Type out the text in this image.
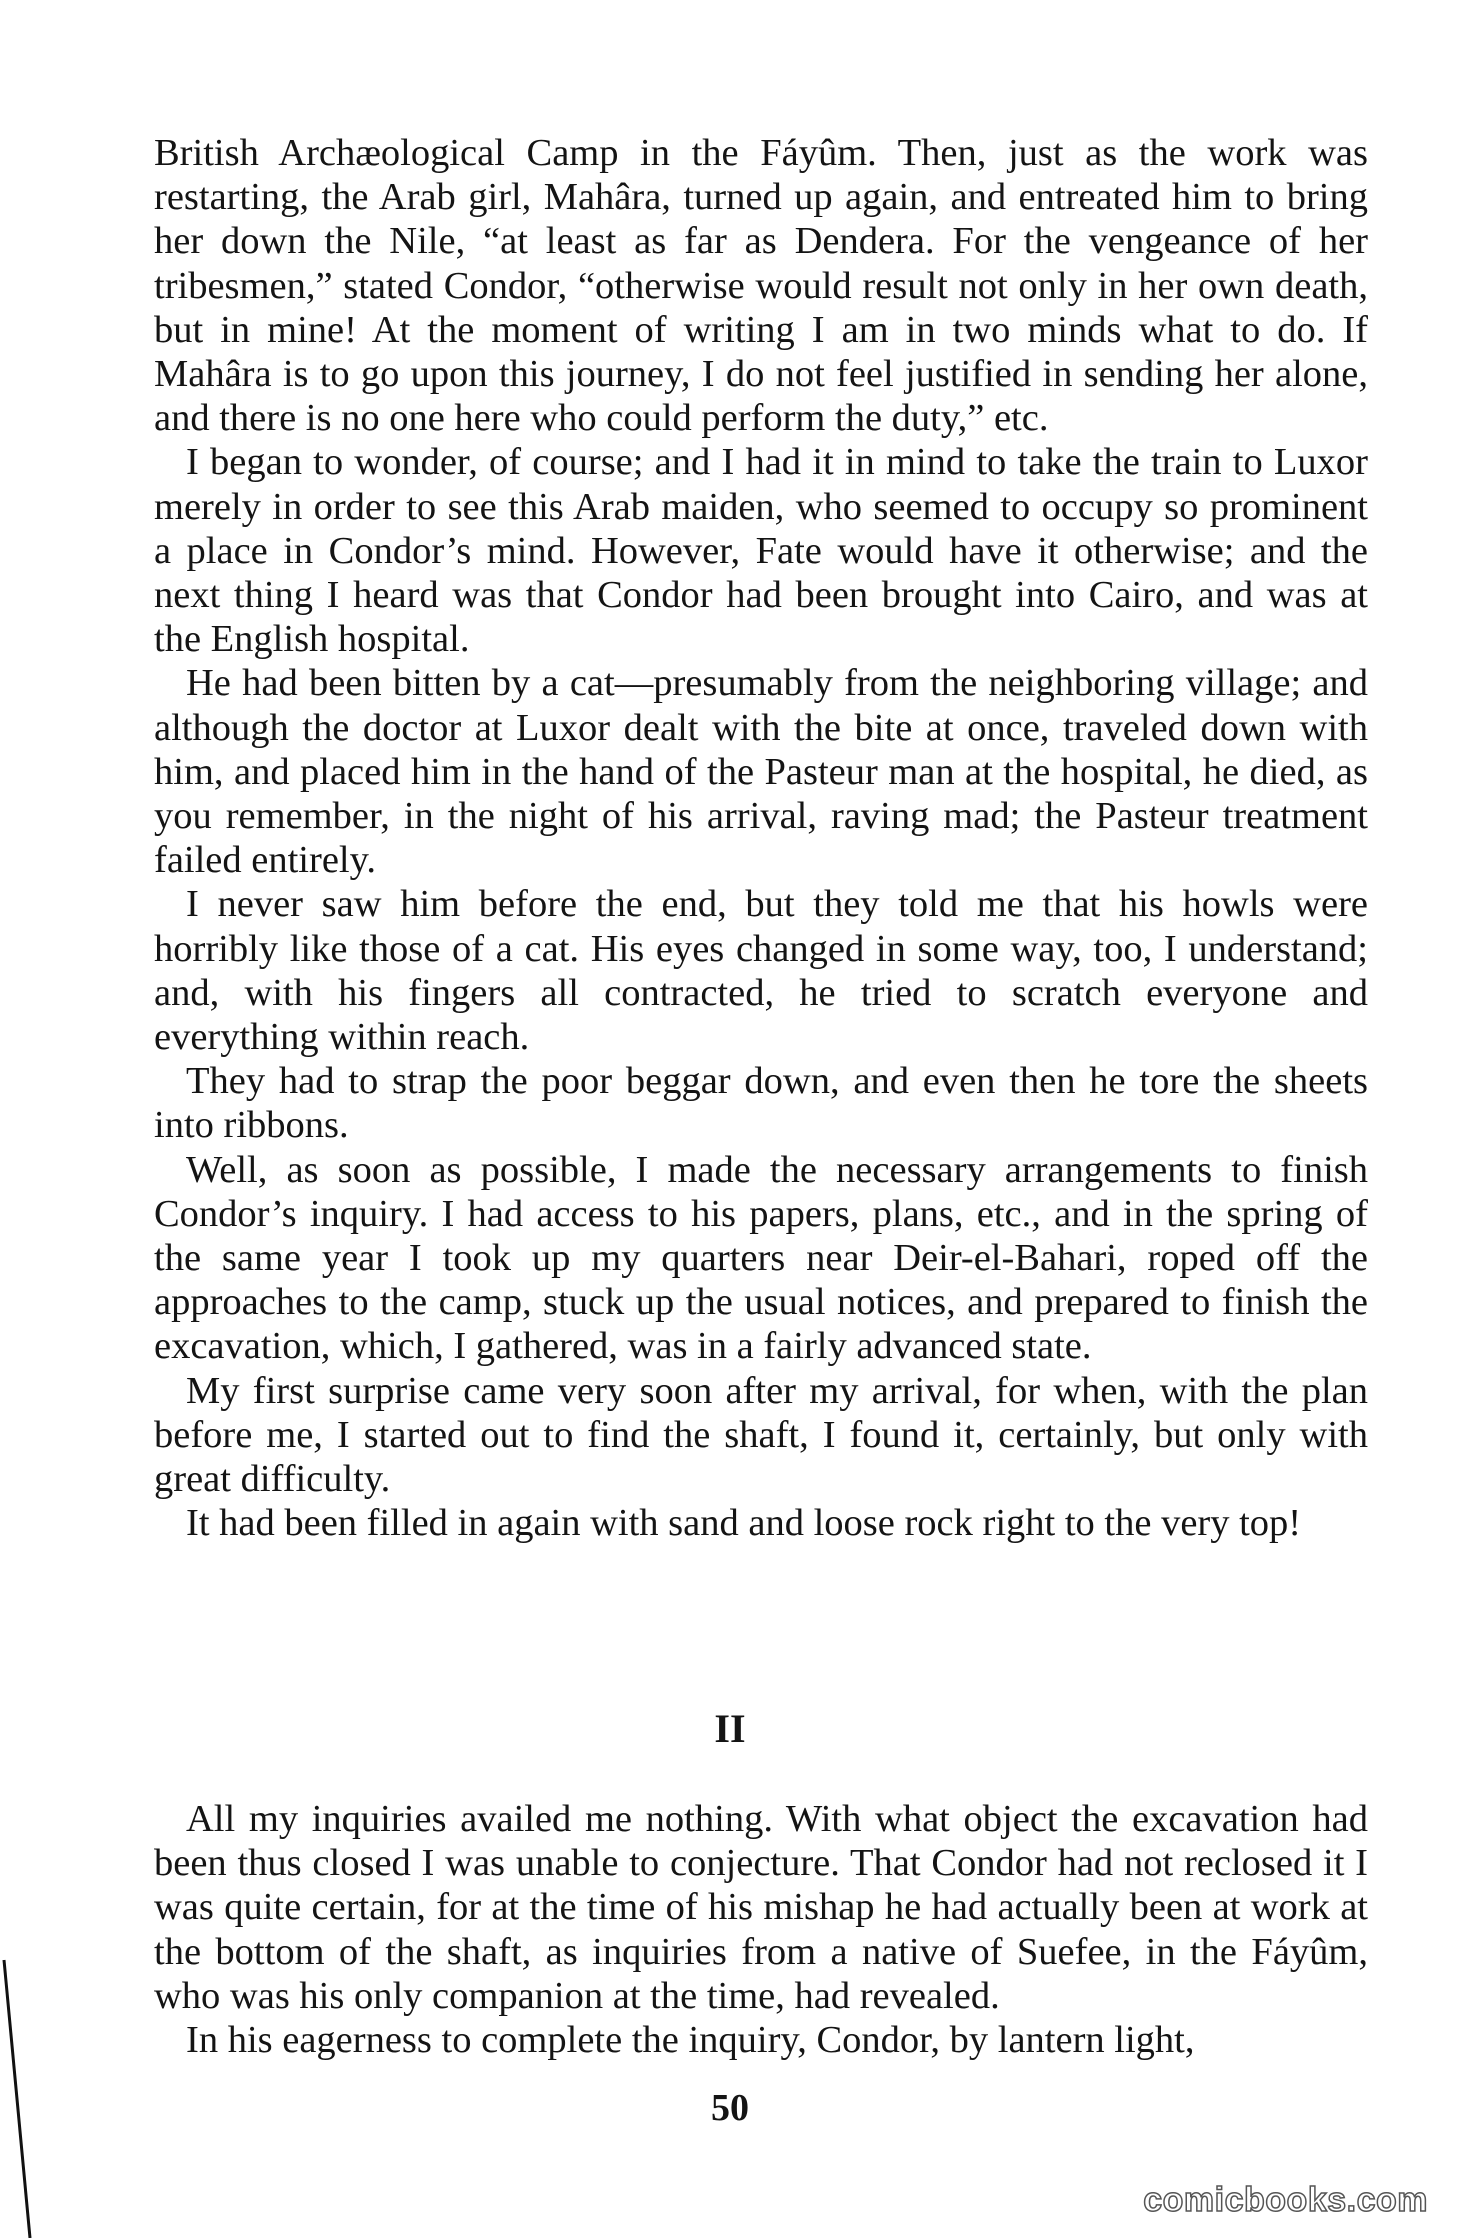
British Archæological Camp in the Fáyûm. Then, just as the work was restarting, the Arab girl, Mahâra, turned up again, and entreated him to bring her down the Nile, “at least as far as Dendera. For the vengeance of her tribesmen,” stated Condor, “otherwise would result not only in her own death, but in mine! At the moment of writing I am in two minds what to do. If Mahâra is to go upon this journey, I do not feel justified in sending her alone, and there is no one here who could perform the duty,” etc.

I began to wonder, of course; and I had it in mind to take the train to Luxor merely in order to see this Arab maiden, who seemed to occupy so prominent a place in Condor’s mind. However, Fate would have it otherwise; and the next thing I heard was that Condor had been brought into Cairo, and was at the English hospital.

He had been bitten by a cat—presumably from the neighboring village; and although the doctor at Luxor dealt with the bite at once, traveled down with him, and placed him in the hand of the Pasteur man at the hospital, he died, as you remember, in the night of his arrival, raving mad; the Pasteur treatment failed entirely.

I never saw him before the end, but they told me that his howls were horribly like those of a cat. His eyes changed in some way, too, I understand; and, with his fingers all contracted, he tried to scratch everyone and everything within reach.

They had to strap the poor beggar down, and even then he tore the sheets into ribbons.

Well, as soon as possible, I made the necessary arrangements to finish Condor’s inquiry. I had access to his papers, plans, etc., and in the spring of the same year I took up my quarters near Deir-el-Bahari, roped off the approaches to the camp, stuck up the usual notices, and prepared to finish the excavation, which, I gathered, was in a fairly advanced state.

My first surprise came very soon after my arrival, for when, with the plan before me, I started out to find the shaft, I found it, certainly, but only with great difficulty.

It had been filled in again with sand and loose rock right to the very top!

II

All my inquiries availed me nothing. With what object the excavation had been thus closed I was unable to conjecture. That Condor had not reclosed it I was quite certain, for at the time of his mishap he had actually been at work at the bottom of the shaft, as inquiries from a native of Suefee, in the Fáyûm, who was his only companion at the time, had revealed.

In his eagerness to complete the inquiry, Condor, by lantern light,

50
comicbooks.com
